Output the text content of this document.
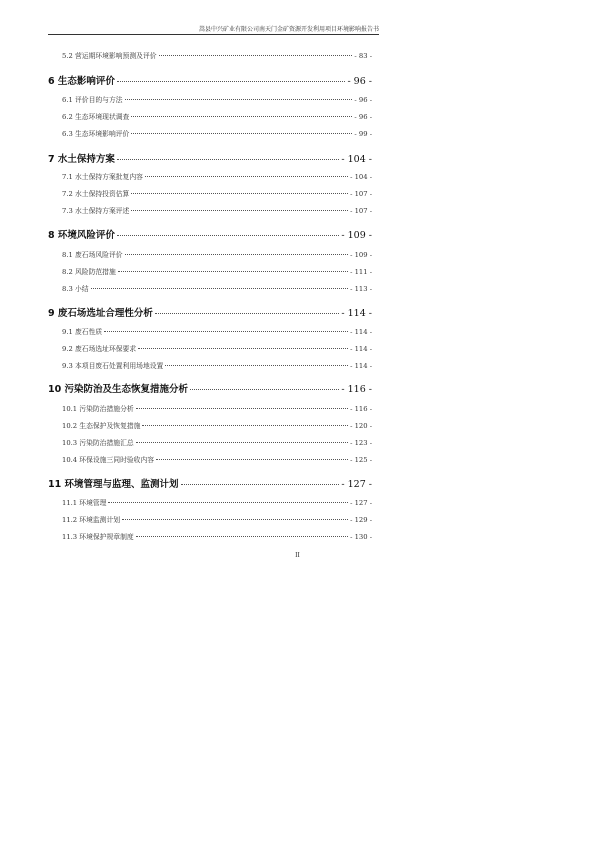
嵩县中兴矿业有限公司南天门金矿资源开发利用项目环境影响报告书
5.2 营运期环境影响预测及评价	- 83 -
6 生态影响评价	- 96 -
6.1 评价目的与方法	- 96 -
6.2 生态环境现状调查	- 96 -
6.3 生态环境影响评价	- 99 -
7 水土保持方案	- 104 -
7.1 水土保持方案批复内容	- 104 -
7.2 水土保持投资估算	- 107 -
7.3 水土保持方案评述	- 107 -
8 环境风险评价	- 109 -
8.1 废石场风险评价	- 109 -
8.2 风险防范措施	- 111 -
8.3 小结	- 113 -
9 废石场选址合理性分析	- 114 -
9.1 废石性质	- 114 -
9.2 废石场选址环保要求	- 114 -
9.3 本项目废石处置利用场地设置	- 114 -
10 污染防治及生态恢复措施分析	- 116 -
10.1 污染防治措施分析	- 116 -
10.2 生态保护及恢复措施	- 120 -
10.3 污染防治措施汇总	- 123 -
10.4 环保设施三同时验收内容	- 125 -
11 环境管理与监理、监测计划	- 127 -
11.1 环境管理	- 127 -
11.2 环境监测计划	- 129 -
11.3 环境保护规章制度	- 130 -
II
